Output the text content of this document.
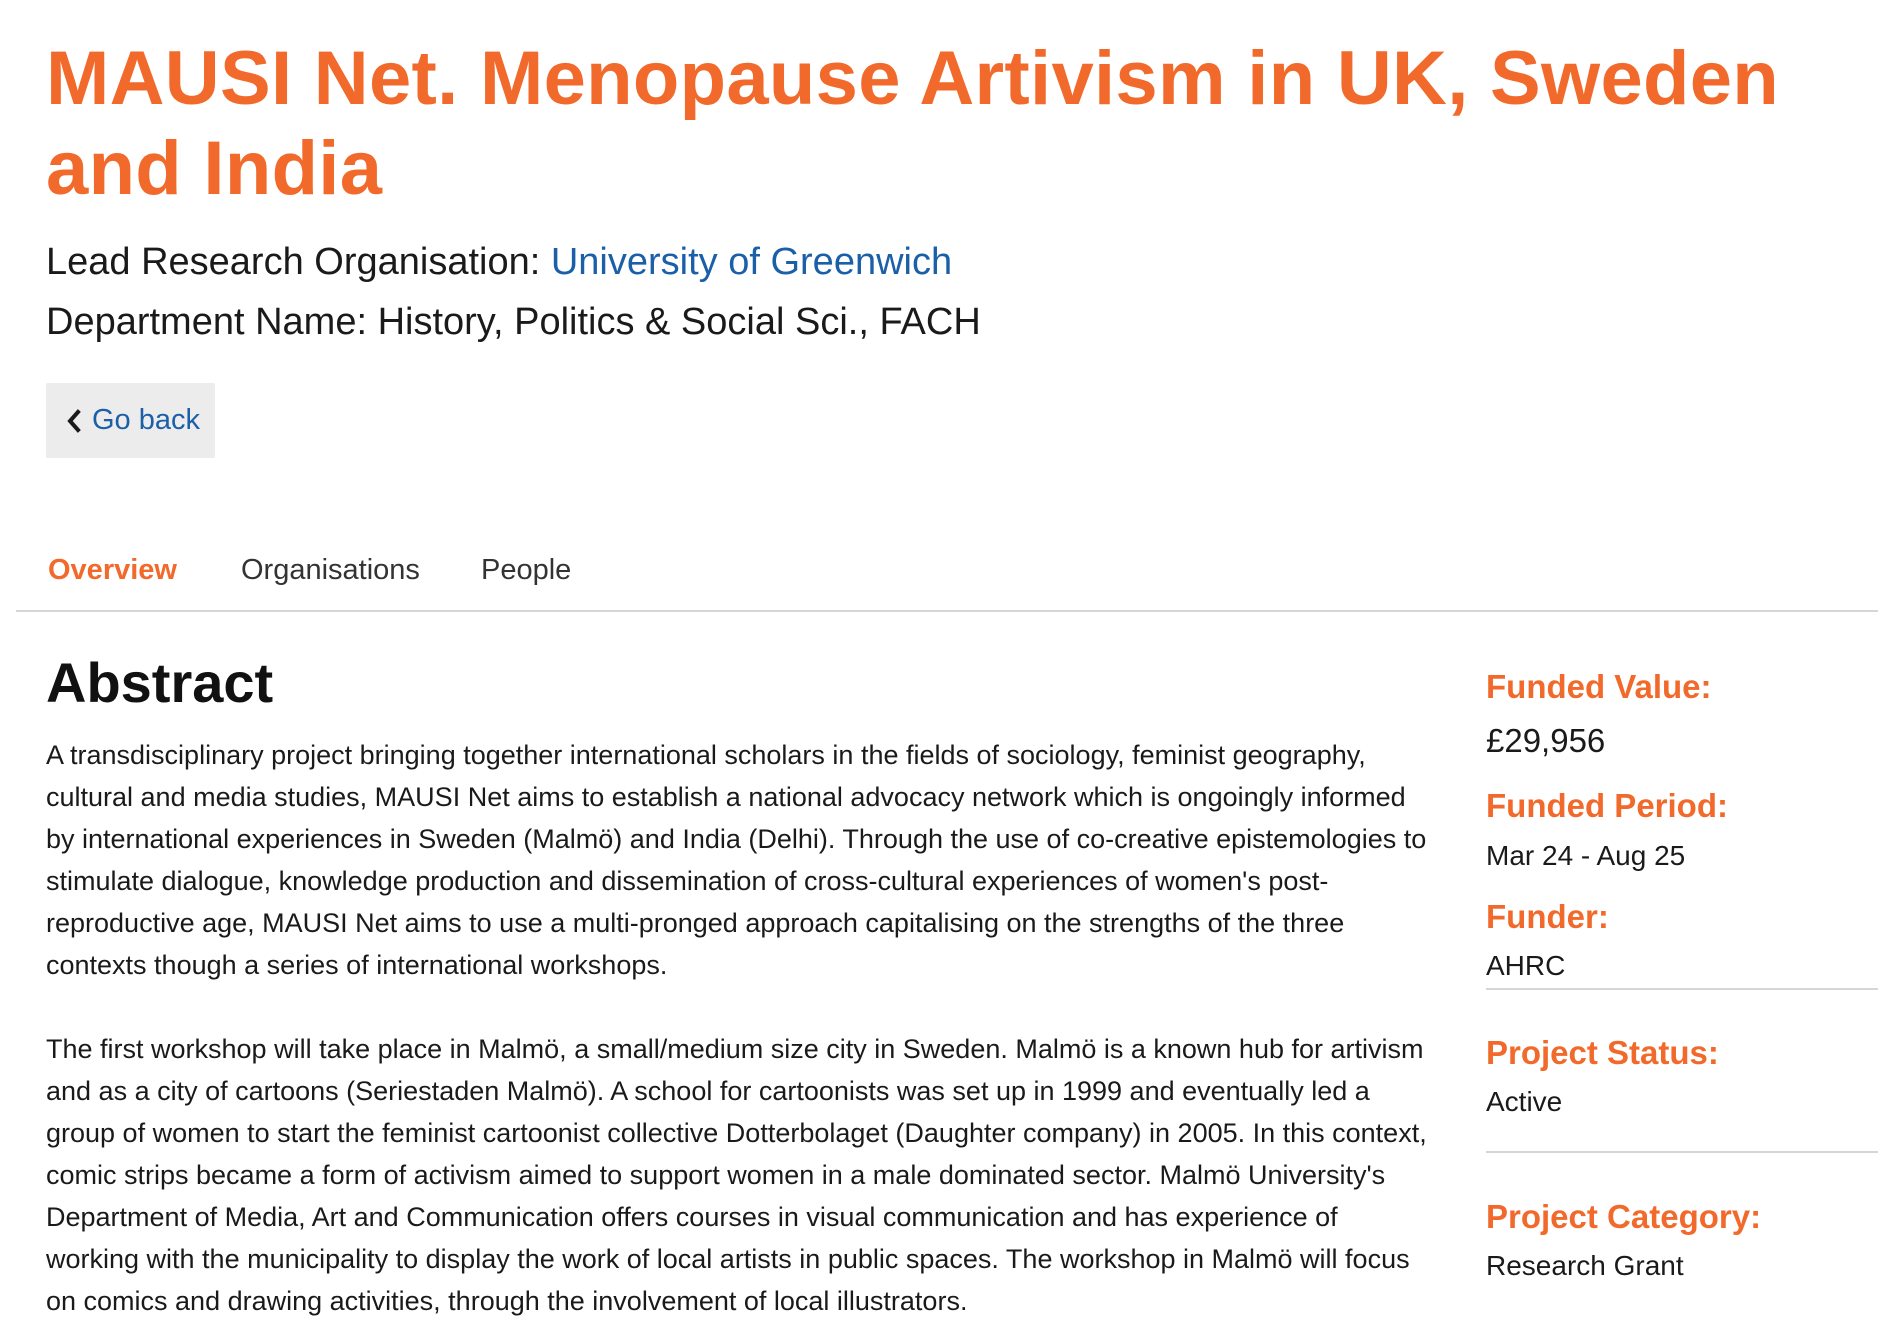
MAUSI Net. Menopause Artivism in UK, Sweden and India
Lead Research Organisation: University of Greenwich
Department Name: History, Politics & Social Sci., FACH
Go back
Overview Organisations People
Abstract

A transdisciplinary project bringing together international scholars in the fields of sociology, feminist geography, cultural and media studies, MAUSI Net aims to establish a national advocacy network which is ongoingly informed by international experiences in Sweden (Malmö) and India (Delhi). Through the use of co-creative epistemologies to stimulate dialogue, knowledge production and dissemination of cross-cultural experiences of women's post-reproductive age, MAUSI Net aims to use a multi-pronged approach capitalising on the strengths of the three contexts though a series of international workshops.

The first workshop will take place in Malmö, a small/medium size city in Sweden. Malmö is a known hub for artivism and as a city of cartoons (Seriestaden Malmö). A school for cartoonists was set up in 1999 and eventually led a group of women to start the feminist cartoonist collective Dotterbolaget (Daughter company) in 2005. In this context, comic strips became a form of activism aimed to support women in a male dominated sector. Malmö University's Department of Media, Art and Communication offers courses in visual communication and has experience of working with the municipality to display the work of local artists in public spaces. The workshop in Malmö will focus on comics and drawing activities, through the involvement of local illustrators.

Funded Value:
£29,956
Funded Period:
Mar 24 - Aug 25
Funder:
AHRC
Project Status:
Active
Project Category:
Research Grant
